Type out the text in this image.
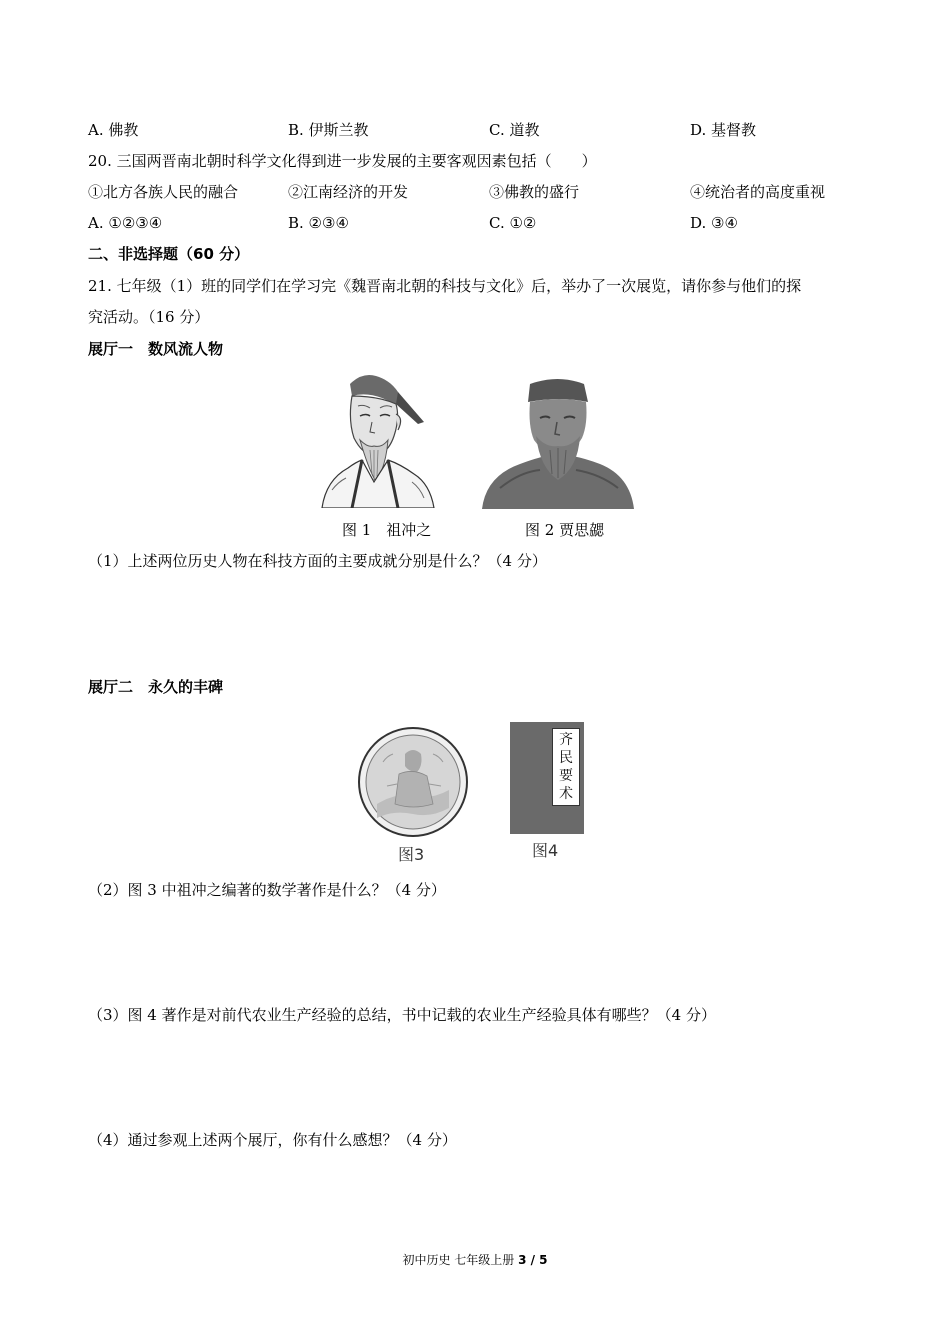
A. 佛教	B. 伊斯兰教	C. 道教	D. 基督教
20. 三国两晋南北朝时科学文化得到进一步发展的主要客观因素包括（　　）
①北方各族人民的融合	②江南经济的开发	③佛教的盛行	④统治者的高度重视
A. ①②③④	B. ②③④	C. ①②	D. ③④
二、非选择题（60 分）
21. 七年级（1）班的同学们在学习完《魏晋南北朝的科技与文化》后，举办了一次展览，请你参与他们的探
究活动。（16 分）
展厅一　数风流人物
图 1　祖冲之	图 2 贾思勰
（1）上述两位历史人物在科技方面的主要成就分别是什么？（4 分）
展厅二　永久的丰碑
齐
民
要
术
图3	图4
（2）图 3 中祖冲之编著的数学著作是什么？（4 分）
（3）图 4 著作是对前代农业生产经验的总结，书中记载的农业生产经验具体有哪些？（4 分）
（4）通过参观上述两个展厅，你有什么感想？（4 分）
初中历史 七年级上册 3 / 5
